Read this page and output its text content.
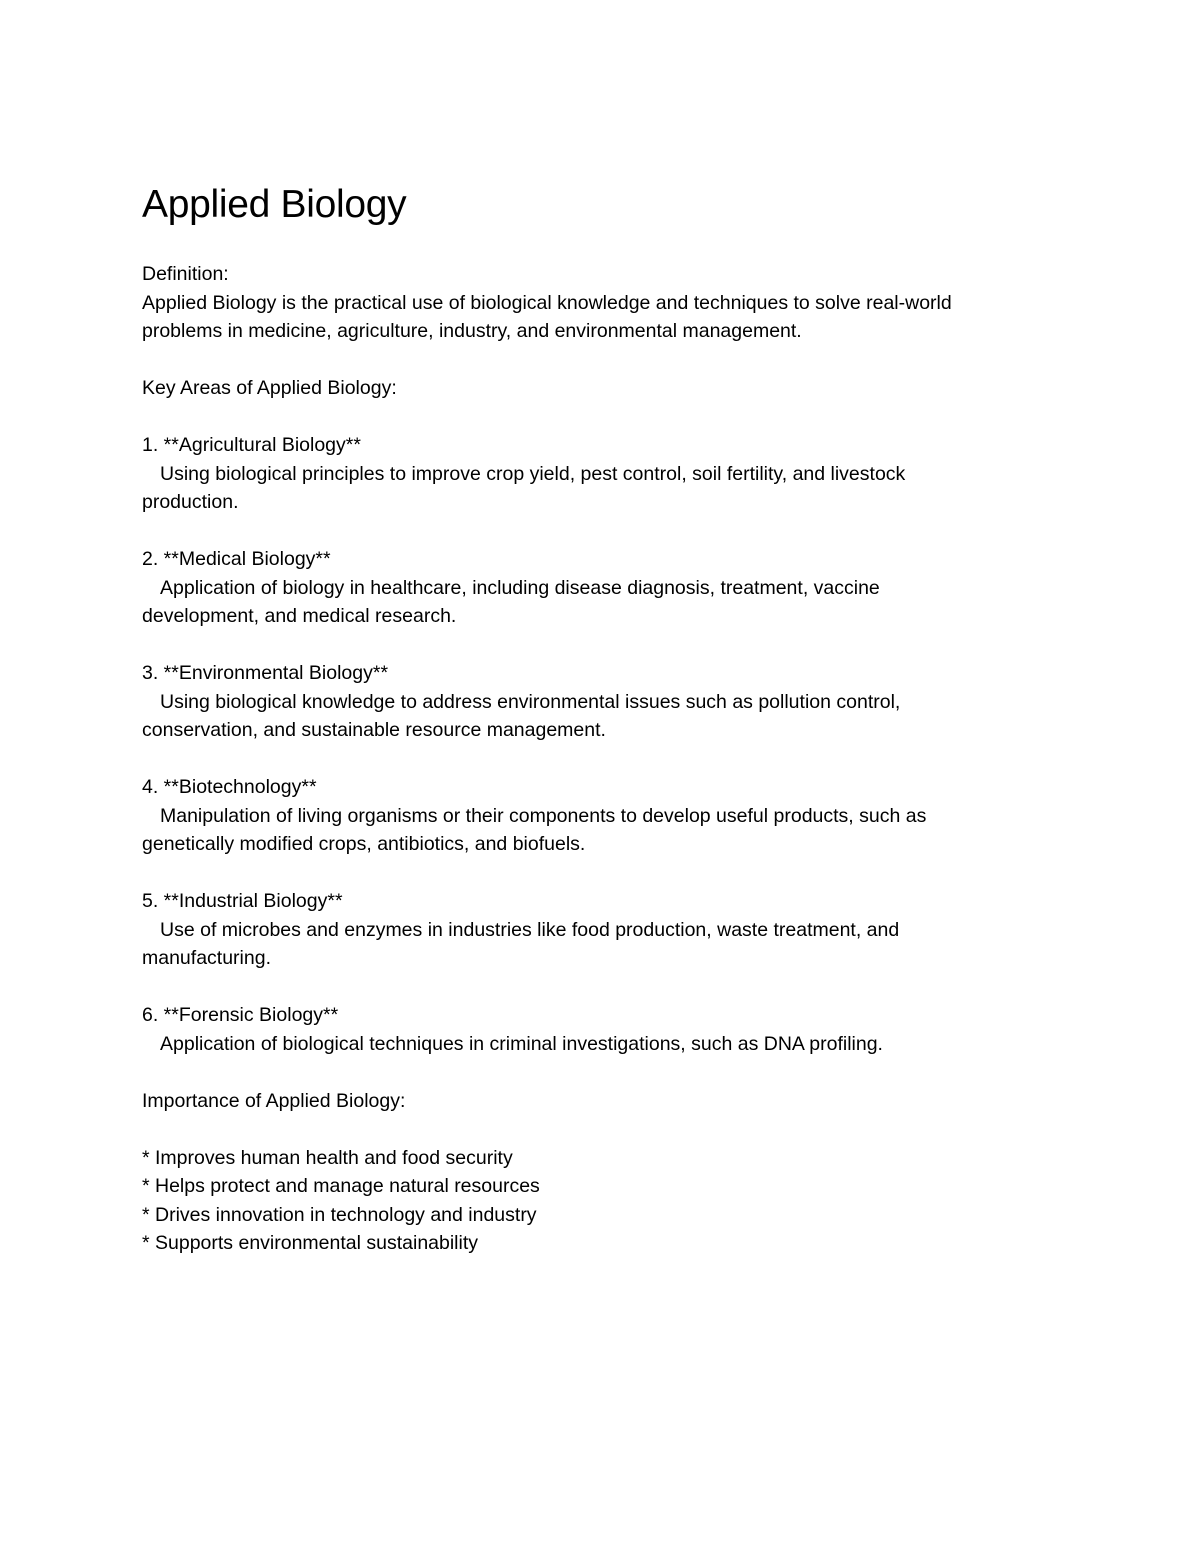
Applied Biology

Definition:

Applied Biology is the practical use of biological knowledge and techniques to solve real-world

problems in medicine, agriculture, industry, and environmental management.

Key Areas of Applied Biology:

1. **Agricultural Biology**

Using biological principles to improve crop yield, pest control, soil fertility, and livestock

production.

2. **Medical Biology**

Application of biology in healthcare, including disease diagnosis, treatment, vaccine

development, and medical research.

3. **Environmental Biology**

Using biological knowledge to address environmental issues such as pollution control,

conservation, and sustainable resource management.

4. **Biotechnology**

Manipulation of living organisms or their components to develop useful products, such as

genetically modified crops, antibiotics, and biofuels.

5. **Industrial Biology**

Use of microbes and enzymes in industries like food production, waste treatment, and

manufacturing.

6. **Forensic Biology**

Application of biological techniques in criminal investigations, such as DNA profiling.

Importance of Applied Biology:

* Improves human health and food security

* Helps protect and manage natural resources

* Drives innovation in technology and industry

* Supports environmental sustainability
